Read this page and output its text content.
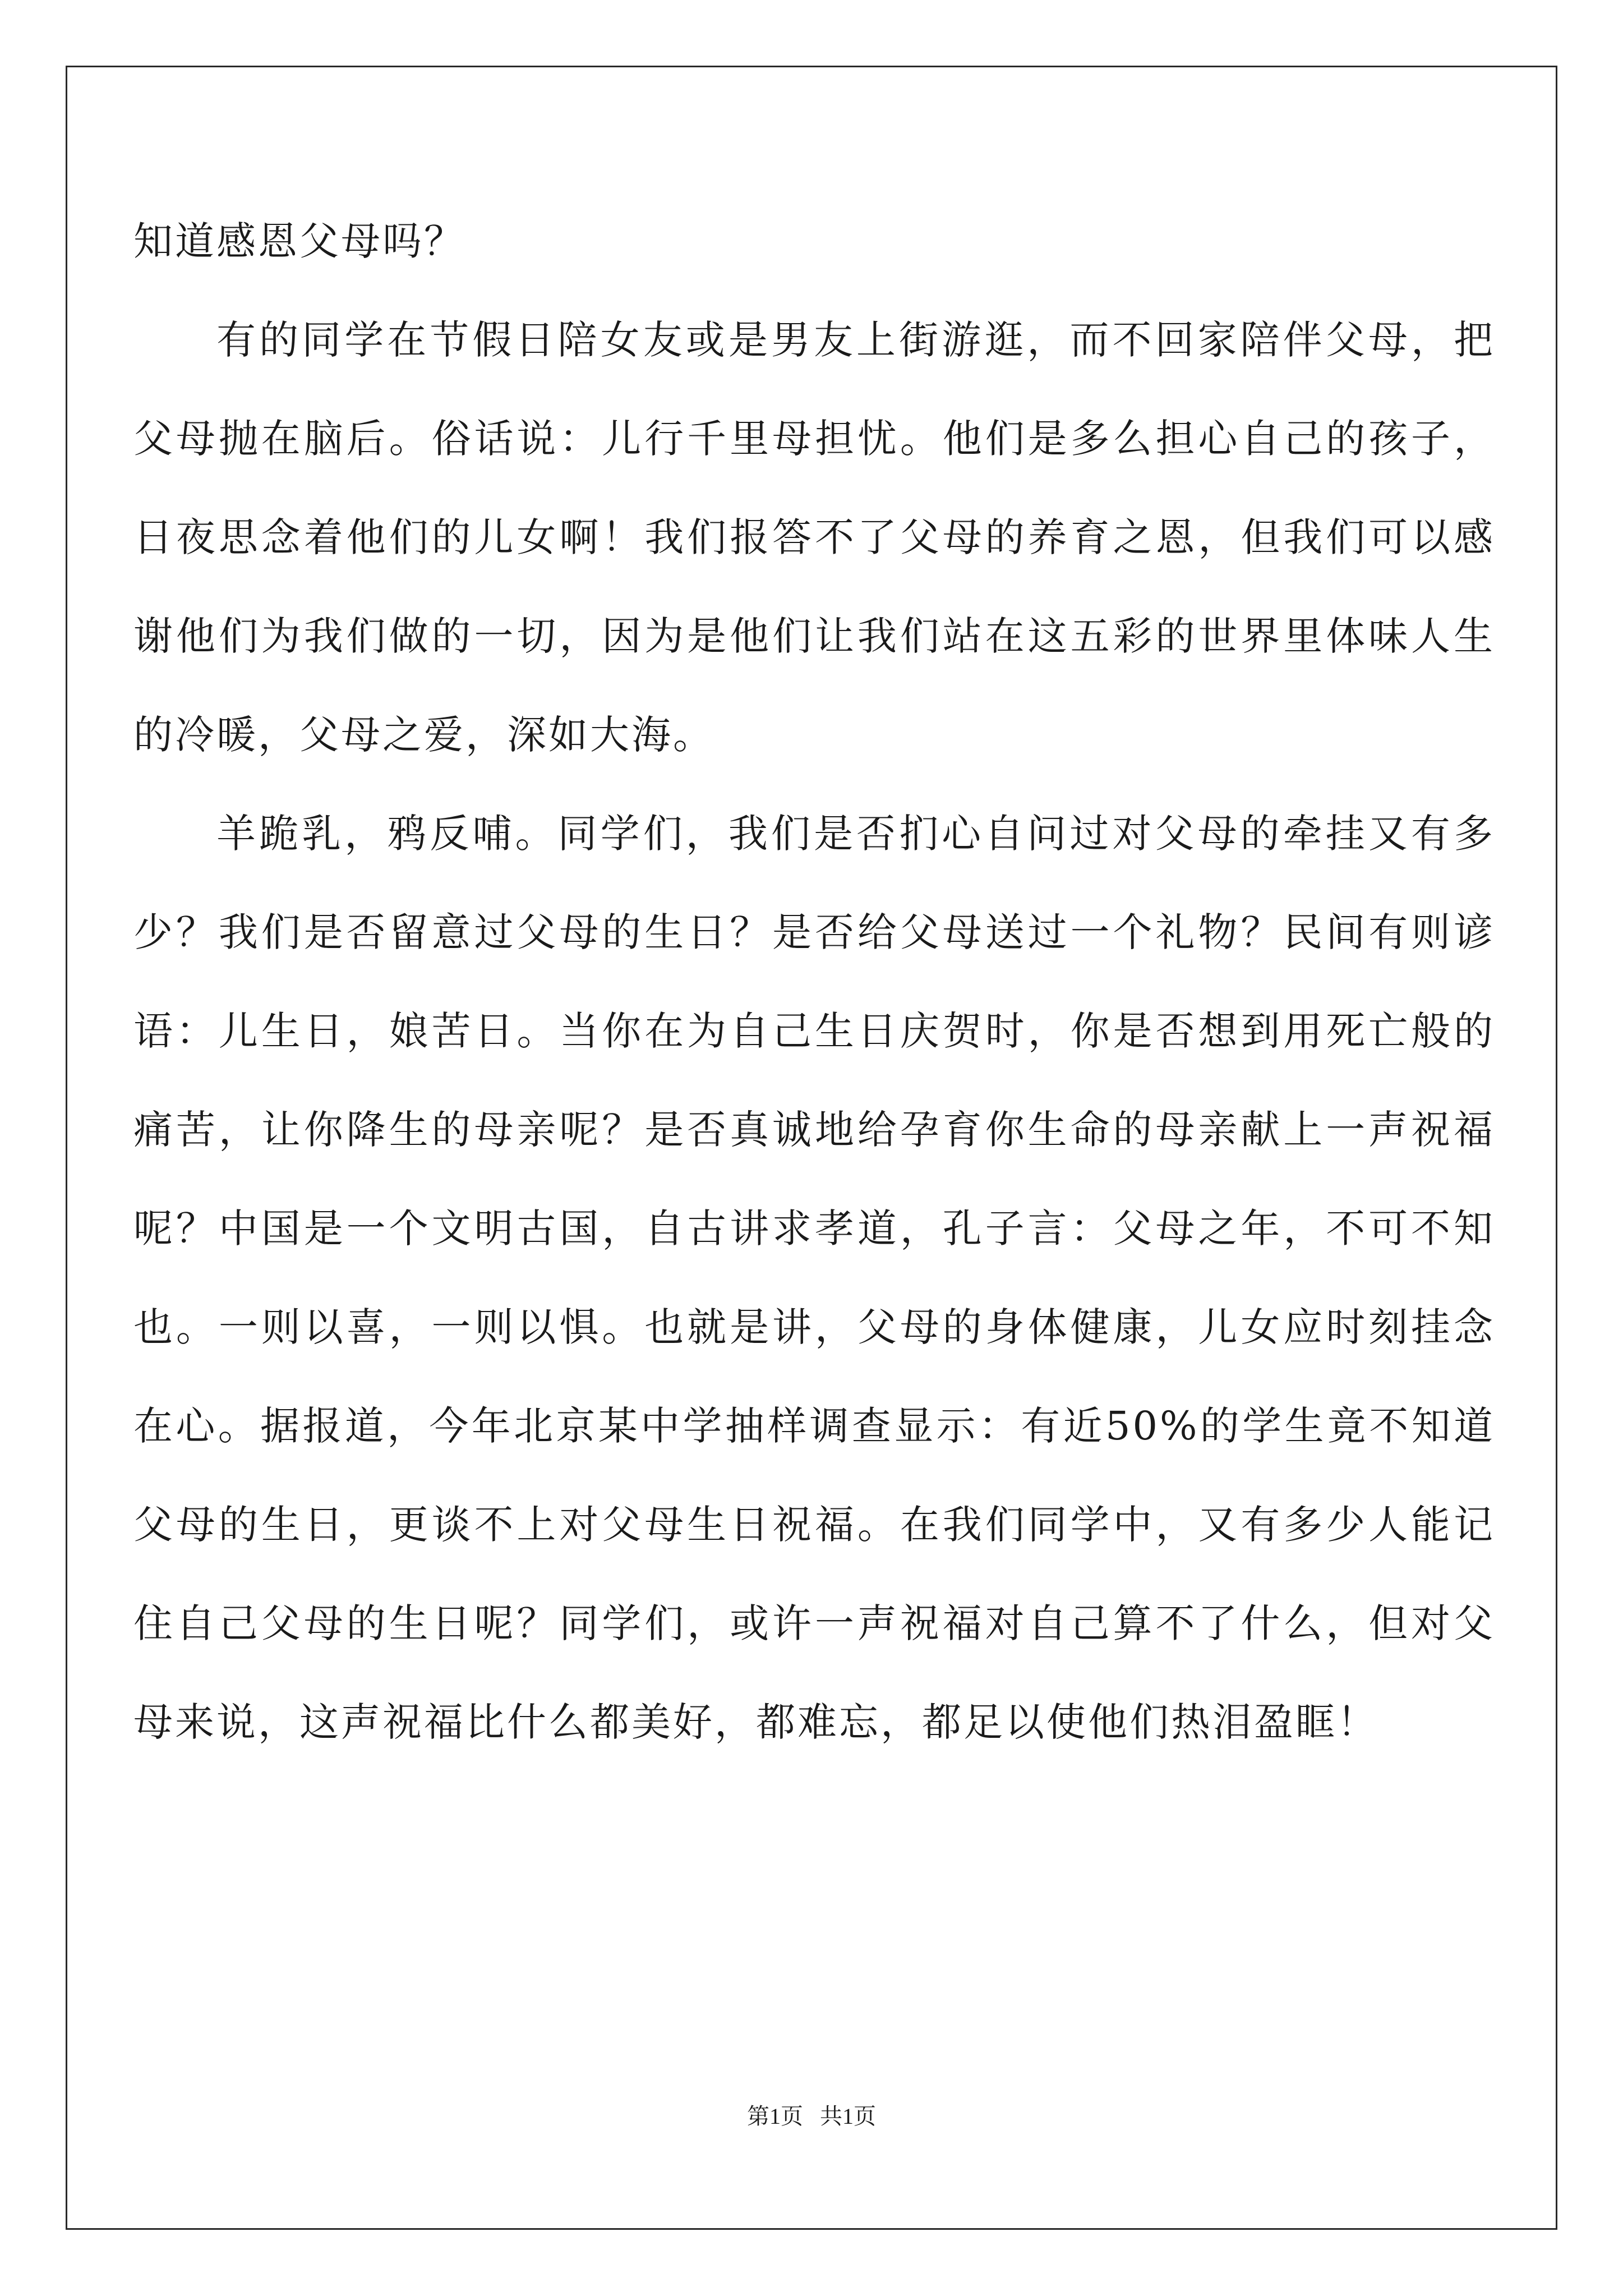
知道感恩父母吗？

有的同学在节假日陪女友或是男友上街游逛，而不回家陪伴父母，把父母抛在脑后。俗话说：儿行千里母担忧。他们是多么担心自己的孩子，日夜思念着他们的儿女啊！我们报答不了父母的养育之恩，但我们可以感谢他们为我们做的一切，因为是他们让我们站在这五彩的世界里体味人生的冷暖，父母之爱，深如大海。

羊跪乳，鸦反哺。同学们，我们是否扪心自问过对父母的牵挂又有多少？我们是否留意过父母的生日？是否给父母送过一个礼物？民间有则谚语：儿生日，娘苦日。当你在为自己生日庆贺时，你是否想到用死亡般的痛苦，让你降生的母亲呢？是否真诚地给孕育你生命的母亲献上一声祝福呢？中国是一个文明古国，自古讲求孝道，孔子言：父母之年，不可不知也。一则以喜，一则以惧。也就是讲，父母的身体健康，儿女应时刻挂念在心。据报道，今年北京某中学抽样调查显示：有近50%的学生竟不知道父母的生日，更谈不上对父母生日祝福。在我们同学中，又有多少人能记住自己父母的生日呢？同学们，或许一声祝福对自己算不了什么，但对父母来说，这声祝福比什么都美好，都难忘，都足以使他们热泪盈眶！

第1页   共1页
